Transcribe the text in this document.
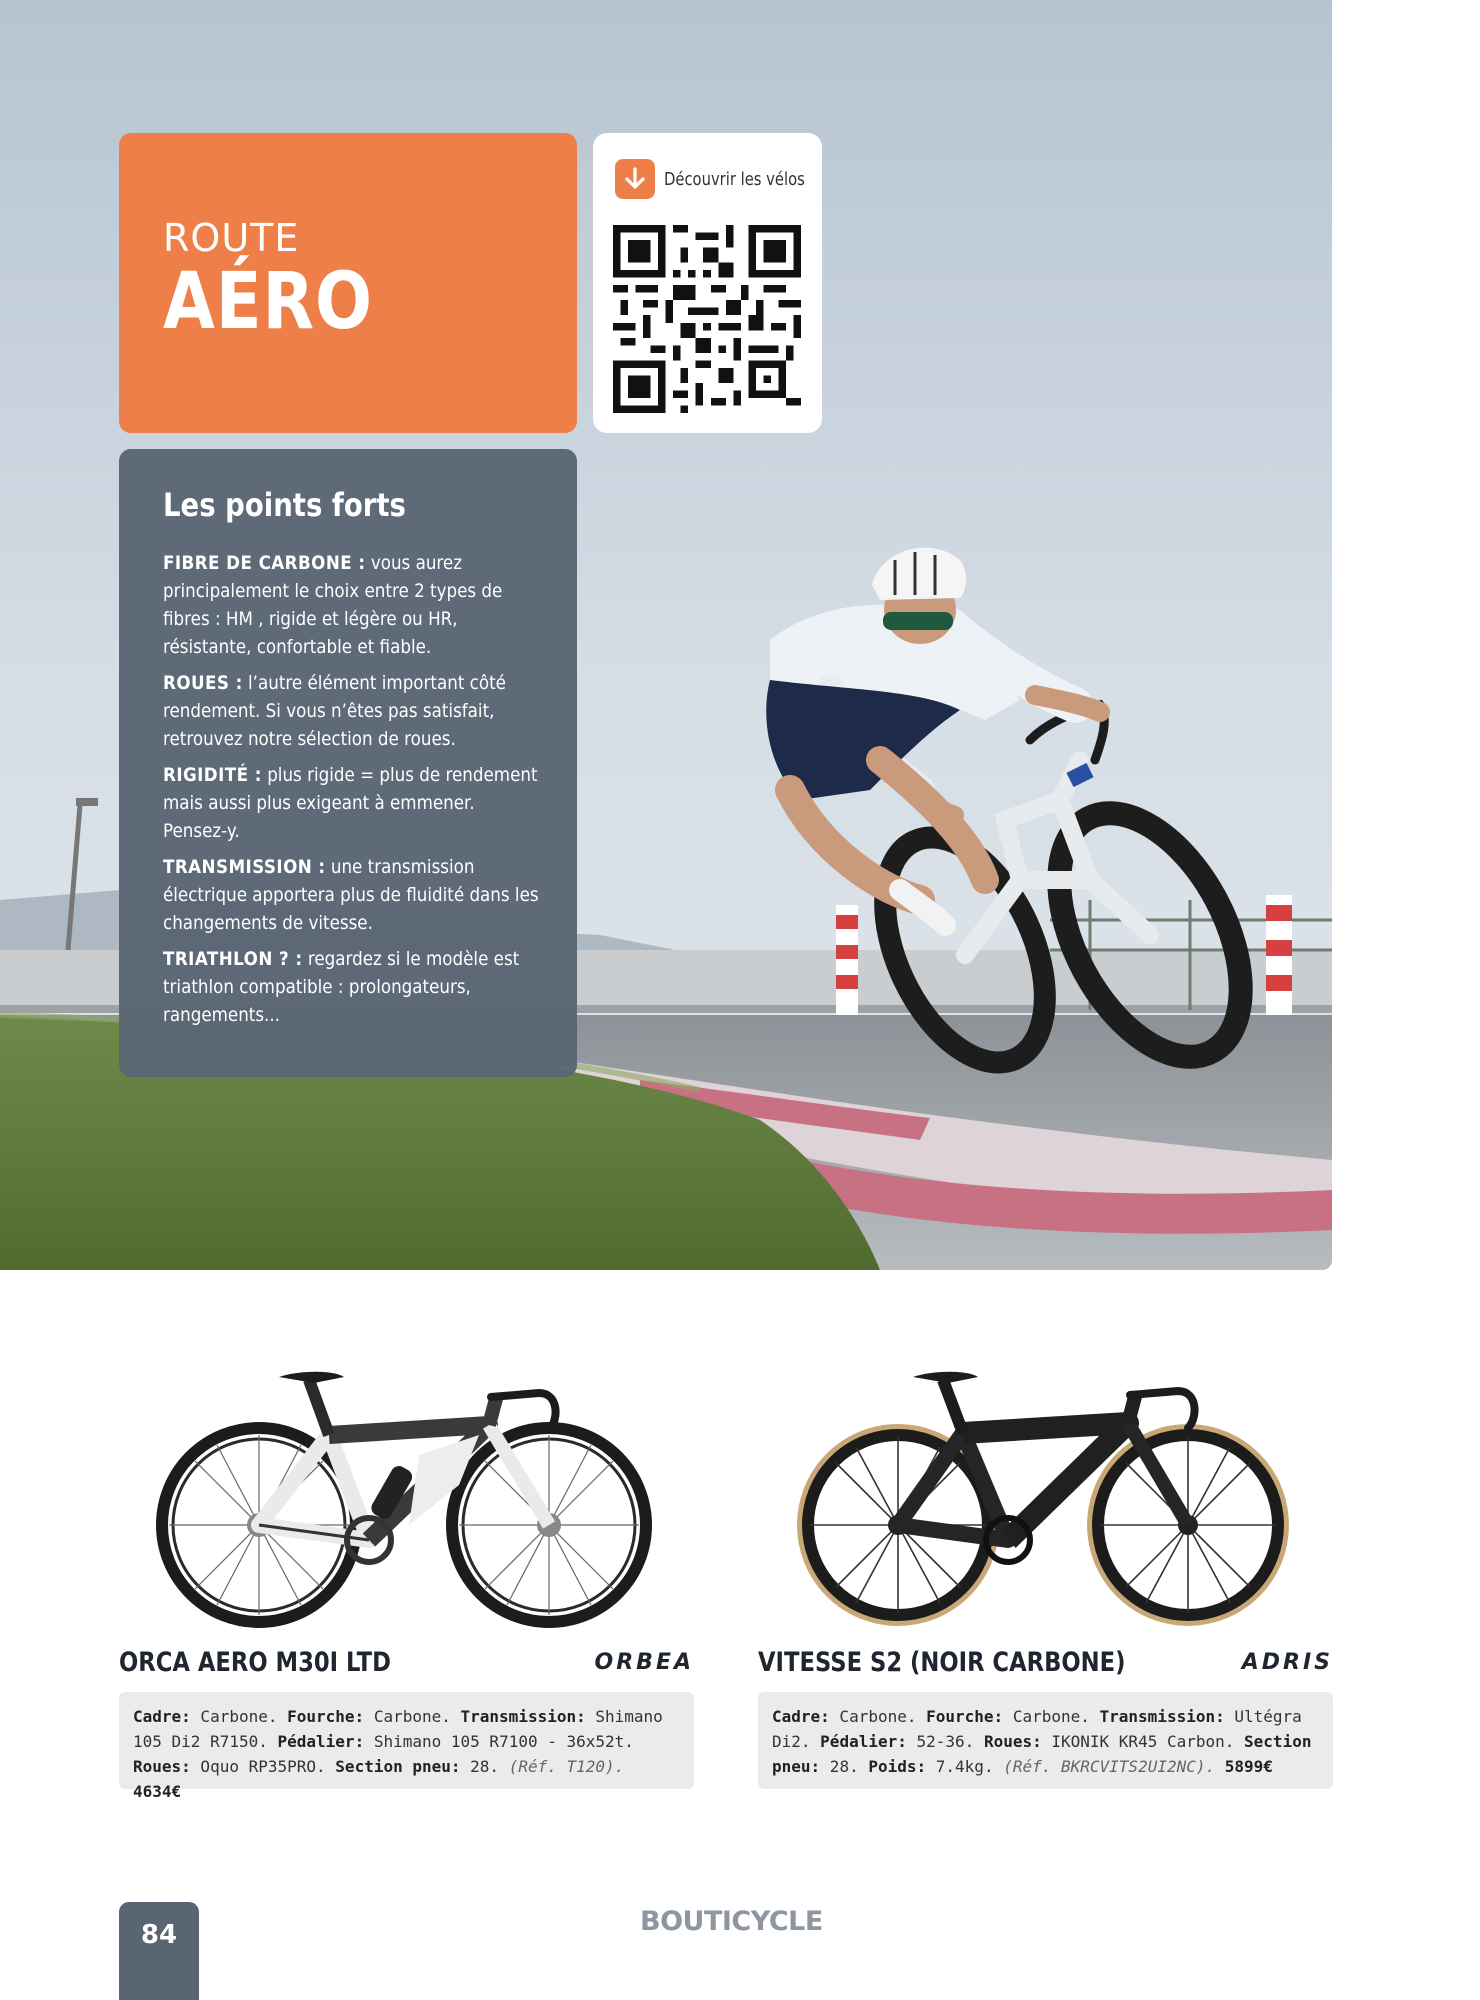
ROUTE
AÉRO
Découvrir les vélos
Les points forts

FIBRE DE CARBONE : vous aurez principalement le choix entre 2 types de fibres : HM , rigide et légère ou HR, résistante, confortable et fiable.

ROUES : l’autre élément important côté rendement. Si vous n’êtes pas satisfait, retrouvez notre sélection de roues.

RIGIDITÉ : plus rigide = plus de rendement mais aussi plus exigeant à emmener. Pensez-y.

TRANSMISSION : une transmission électrique apportera plus de fluidité dans les changements de vitesse.

TRIATHLON ? : regardez si le modèle est triathlon compatible : prolongateurs, rangements...

ORCA AERO M30I LTD	ORBEA
Cadre: Carbone. Fourche: Carbone. Transmission: Shimano 105 Di2 R7150. Pédalier: Shimano 105 R7100 - 36x52t. Roues: Oquo RP35PRO. Section pneu: 28. (Réf. T120). 4634€
VITESSE S2 (NOIR CARBONE)	ADRIS
Cadre: Carbone. Fourche: Carbone. Transmission: Ultégra Di2. Pédalier: 52-36. Roues: IKONIK KR45 Carbon. Section pneu: 28. Poids: 7.4kg. (Réf. BKRCVITS2UI2NC). 5899€
84	BOUTICYCLE
